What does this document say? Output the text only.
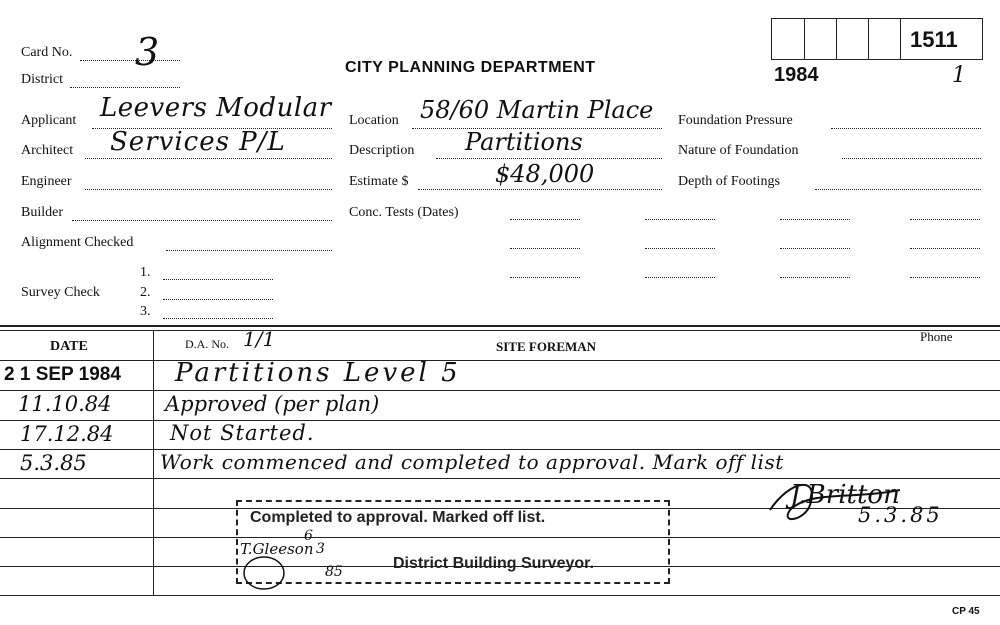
Card No. 3
District
CITY PLANNING DEPARTMENT
1511
1984	1
Applicant Leevers Modular
Architect Services P/L
Engineer
Builder
Alignment Checked
Survey Check
1.
2.
3.
Location 58/60 Martin Place
Description Partitions
Estimate $	$48,000
Conc. Tests (Dates)
Foundation Pressure
Nature of Foundation
Depth of Footings
DATE	D.A. No. 1/1	SITE FOREMAN
Phone
2 1 SEP 1984 Partitions Level 5
11.10.84	Approved (per plan)
17.12.84	Not Started.
5.3.85	Work commenced and completed to approval. Mark off list
J.Britton
5.3.85
Completed to approval. Marked off list.
District Building Surveyor.
T.Gleeson
6
3
85
CP 45
